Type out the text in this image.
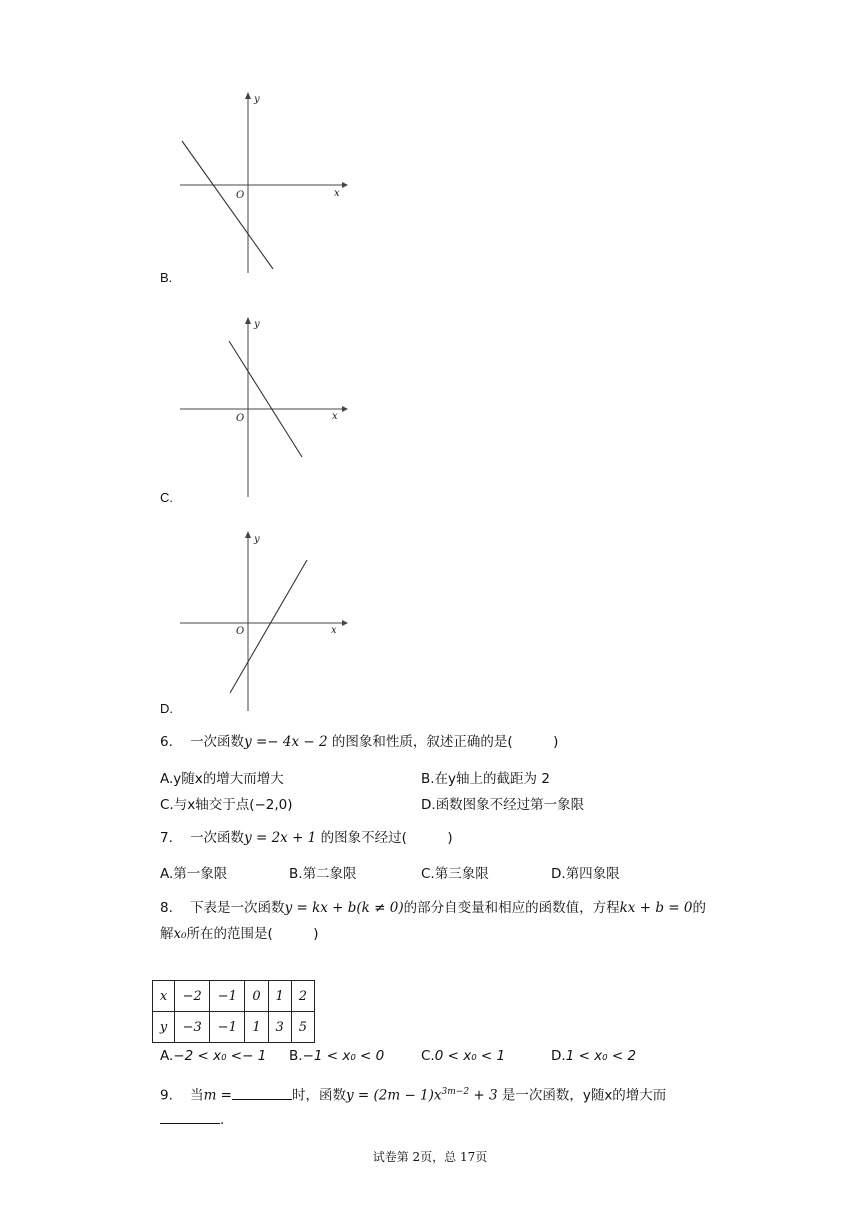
O	x
y
B.
O	x
y
C.
O	x
y
D.
6. 一次函数y =− 4x − 2 的图象和性质，叙述正确的是(　　　)
A.y随x的增大而增大	B.在y轴上的截距为 2
C.与x轴交于点(−2,0)	D.函数图象不经过第一象限
7. 一次函数y = 2x + 1 的图象不经过(　　　)
A.第一象限	B.第二象限	C.第三象限	D.第四象限
8. 下表是一次函数y = kx + b(k ≠ 0)的部分自变量和相应的函数值，方程kx + b = 0的
解x₀所在的范围是(　　　)
x	−2	−1	0	1	2
y	−3	−1	1	3	5
A.−2 < x₀ <− 1 B.−1 < x₀ < 0	C.0 < x₀ < 1	D.1 < x₀ < 2
9. 当m =	时，函数$y = (2m - 1)x^{3m-2} + 3$ 是一次函数，y随x的增大而
.
试卷第 2页，总 17页
